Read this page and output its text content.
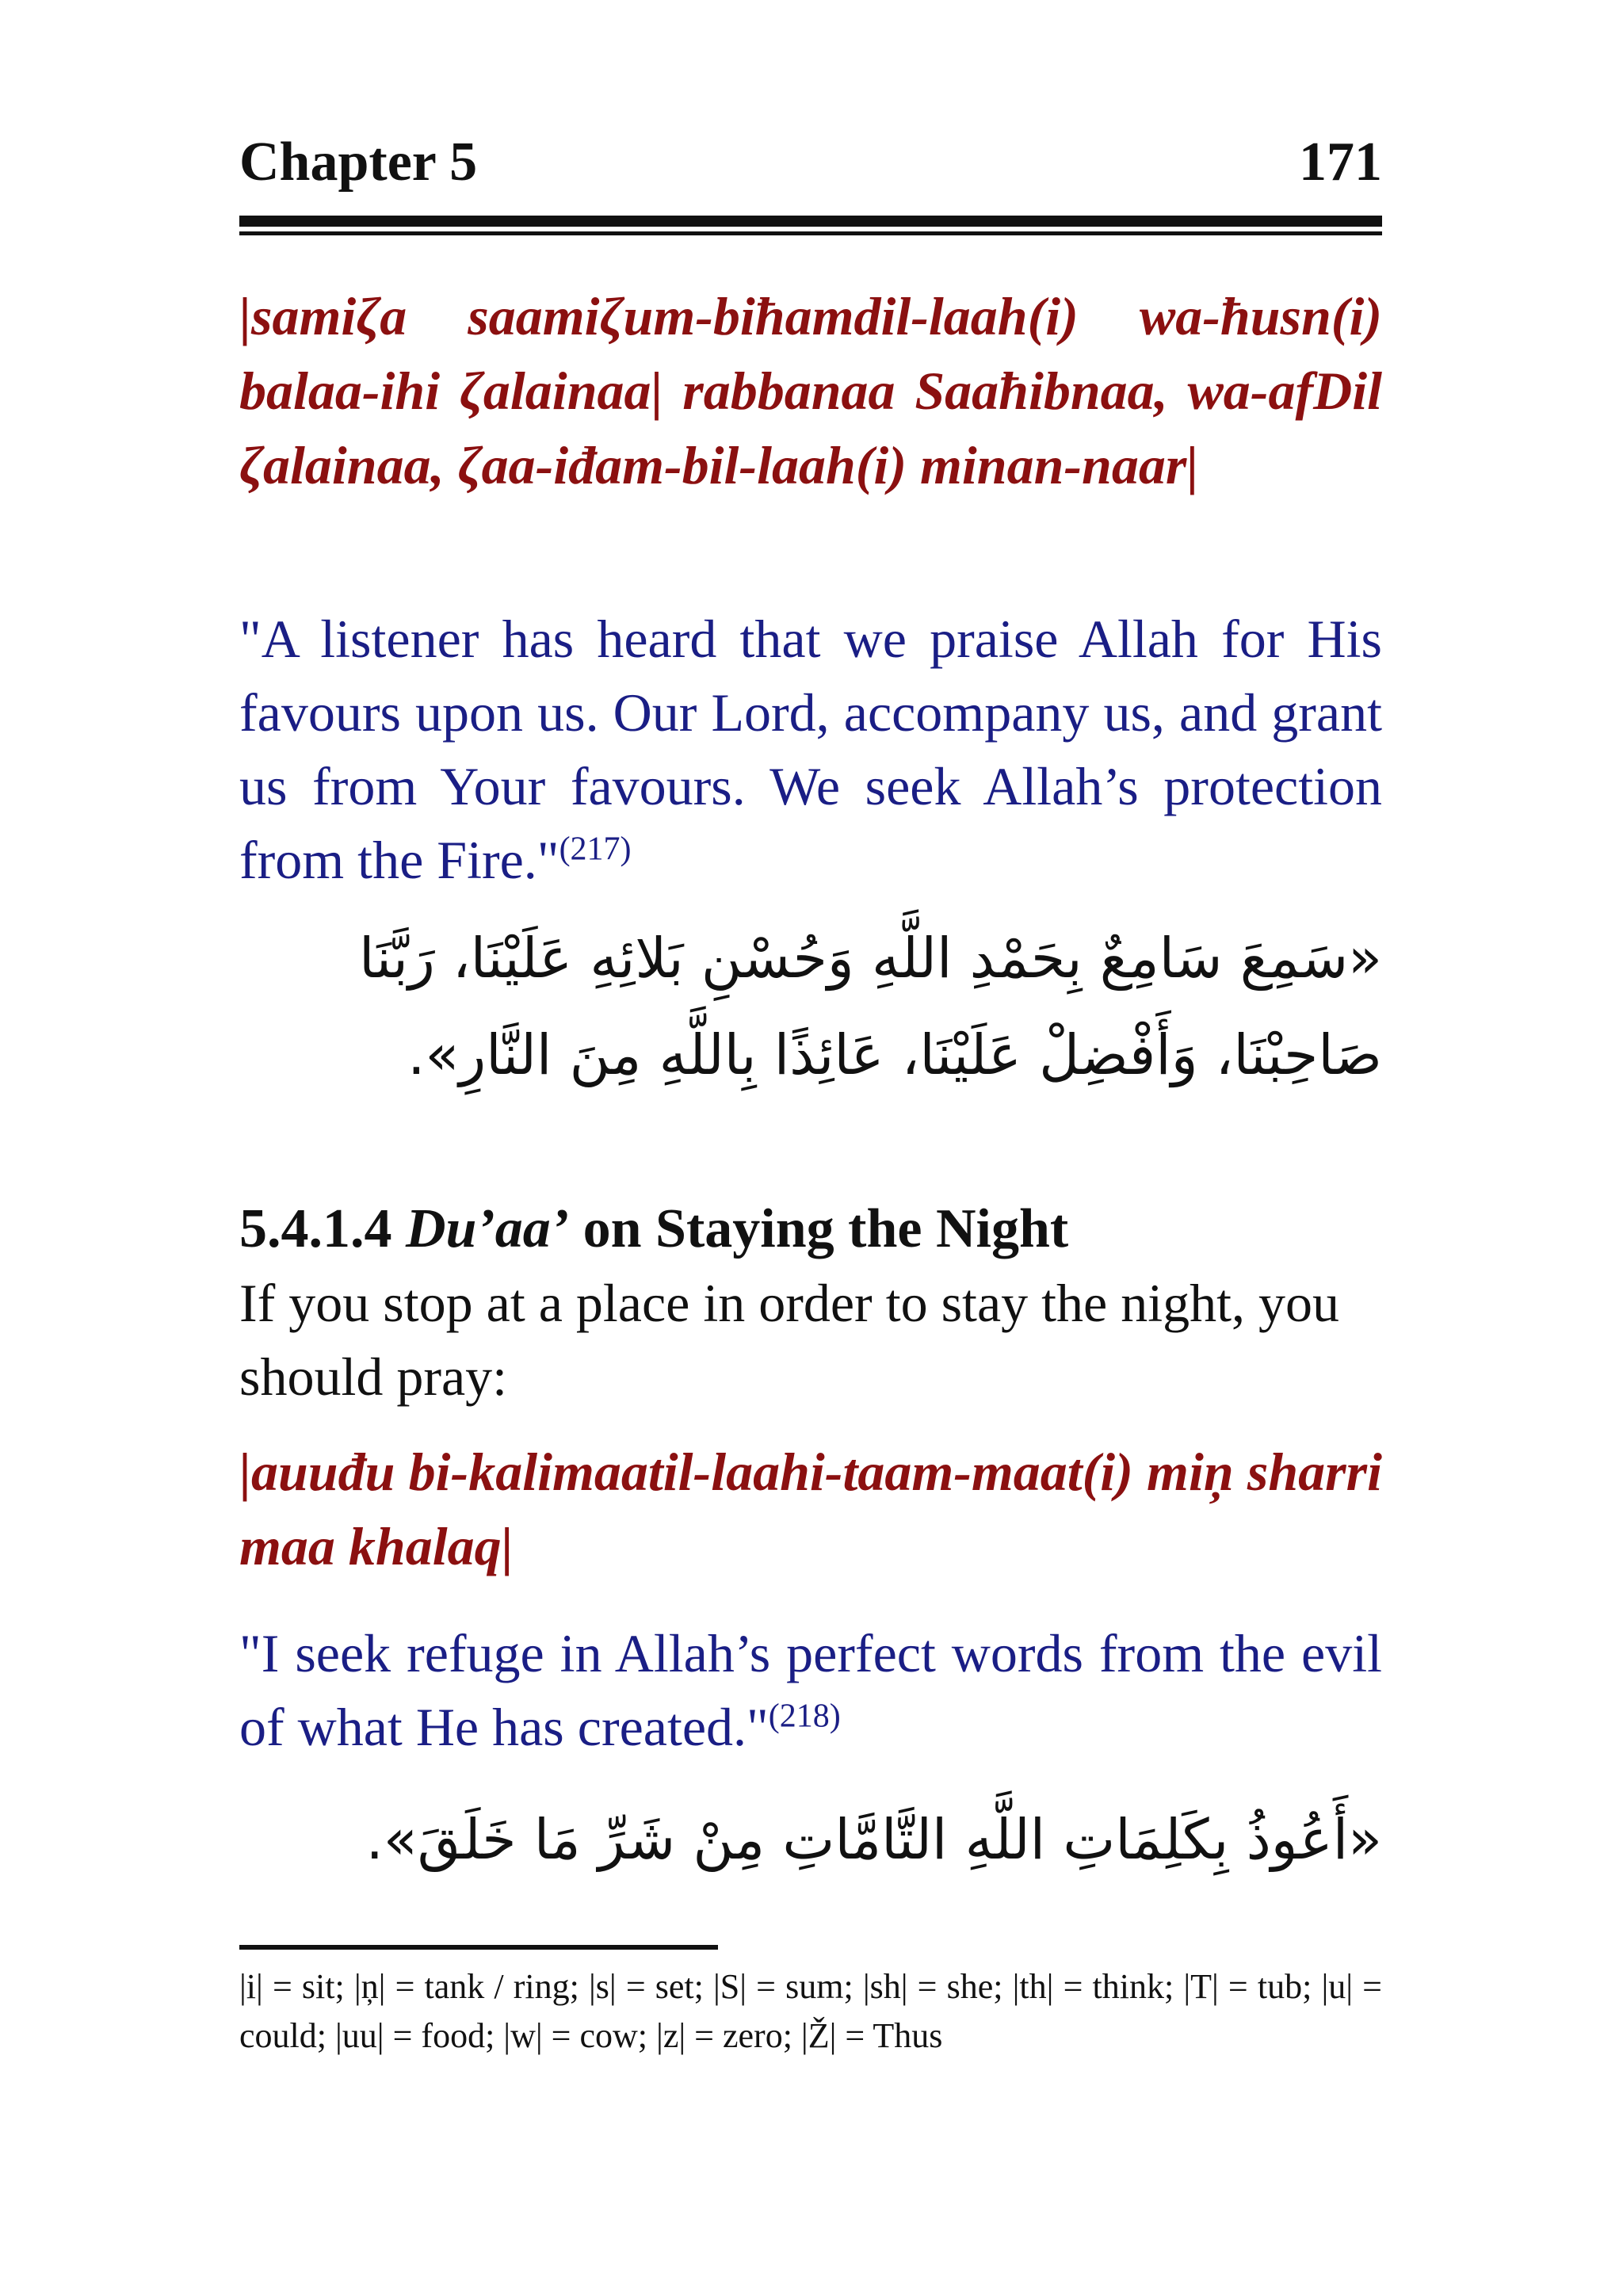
Chapter 5	171

|samiζa saamiζum-biħamdil-laah(i) wa-ħusn(i) balaa-ihi ζalainaa| rabbanaa Saaħibnaa, wa-afDil ζalainaa, ζaa-iđam-bil-laah(i) minan-naar|

"A listener has heard that we praise Allah for His favours upon us. Our Lord, accompany us, and grant us from Your favours. We seek Allah’s protection from the Fire."$^{(217)}$

«سَمِعَ سَامِعٌ بِحَمْدِ اللَّهِ وَحُسْنِ بَلائِهِ عَلَيْنَا، رَبَّنَا صَاحِبْنَا، وَأَفْضِلْ عَلَيْنَا، عَائِذًا بِاللَّهِ مِنَ النَّارِ».

5.4.1.4 Du’aa’ on Staying the Night

If you stop at a place in order to stay the night, you should pray:

|auuđu bi-kalimaatil-laahi-taam-maat(i) miņ sharri maa khalaq|

"I seek refuge in Allah’s perfect words from the evil of what He has created."$^{(218)}$

«أَعُوذُ بِكَلِمَاتِ اللَّهِ التَّامَّاتِ مِنْ شَرِّ مَا خَلَقَ».

|i| = sit; |ņ| = tank / ring; |s| = set; |S| = sum; |sh| = she; |th| = think; |T| = tub; |u| = could; |uu| = food; |w| = cow; |z| = zero; |Ž| = Thus
